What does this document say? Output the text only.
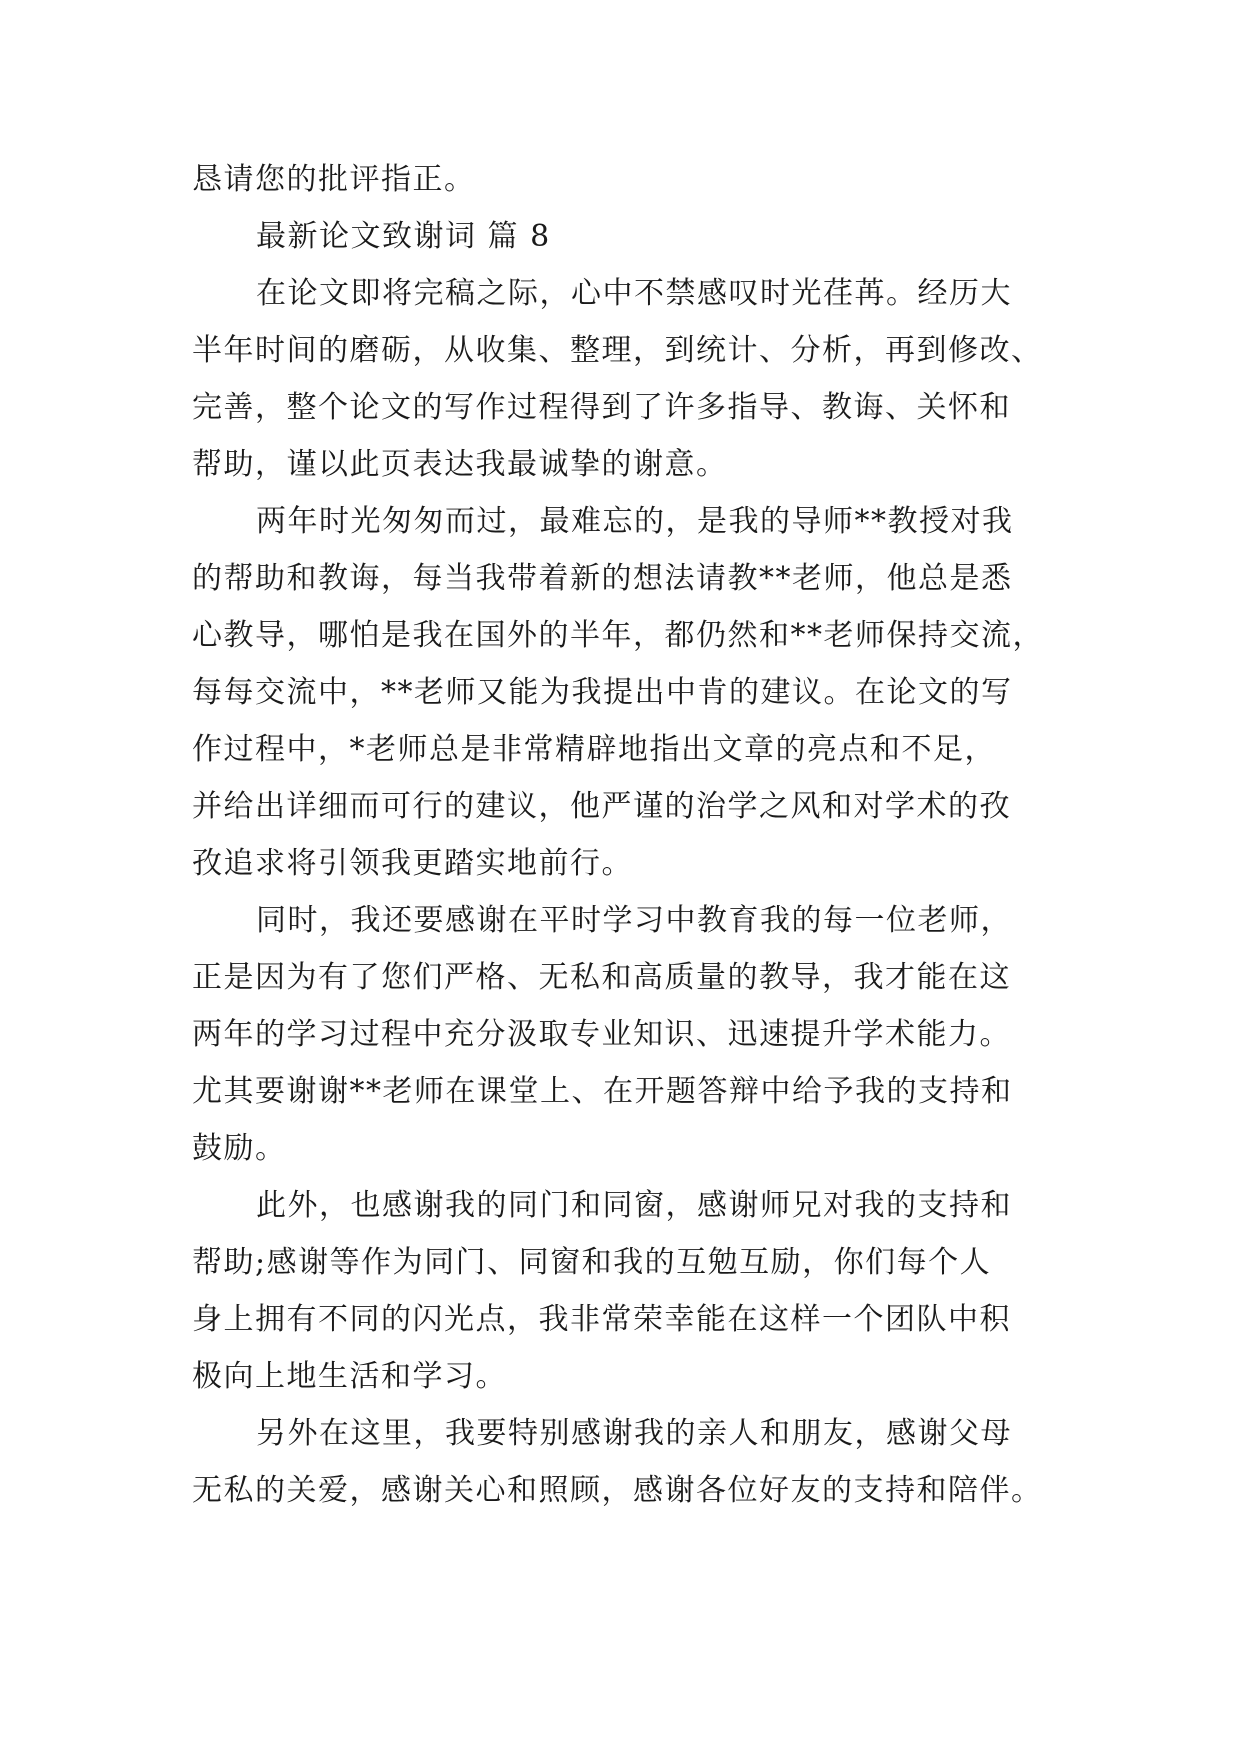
恳请您的批评指正。
最新论文致谢词 篇 8
在论文即将完稿之际，心中不禁感叹时光荏苒。经历大
半年时间的磨砺，从收集、整理，到统计、分析，再到修改、
完善，整个论文的写作过程得到了许多指导、教诲、关怀和
帮助，谨以此页表达我最诚挚的谢意。
两年时光匆匆而过，最难忘的，是我的导师**教授对我
的帮助和教诲，每当我带着新的想法请教**老师，他总是悉
心教导，哪怕是我在国外的半年，都仍然和**老师保持交流，
每每交流中，**老师又能为我提出中肯的建议。在论文的写
作过程中，*老师总是非常精辟地指出文章的亮点和不足，
并给出详细而可行的建议，他严谨的治学之风和对学术的孜
孜追求将引领我更踏实地前行。
同时，我还要感谢在平时学习中教育我的每一位老师，
正是因为有了您们严格、无私和高质量的教导，我才能在这
两年的学习过程中充分汲取专业知识、迅速提升学术能力。
尤其要谢谢**老师在课堂上、在开题答辩中给予我的支持和
鼓励。
此外，也感谢我的同门和同窗，感谢师兄对我的支持和
帮助;感谢等作为同门、同窗和我的互勉互励，你们每个人
身上拥有不同的闪光点，我非常荣幸能在这样一个团队中积
极向上地生活和学习。
另外在这里，我要特别感谢我的亲人和朋友，感谢父母
无私的关爱，感谢关心和照顾，感谢各位好友的支持和陪伴。
